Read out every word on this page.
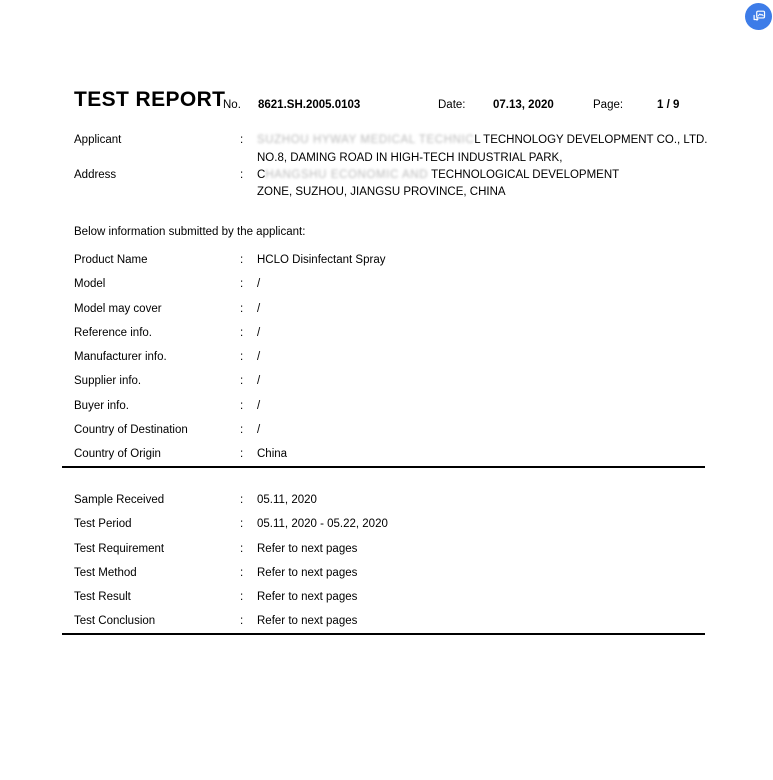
TEST REPORT
No. 8621.SH.2005.0103	Date: 07.13, 2020	Page:	1 / 9
Applicant	:	SUZHOU HYWAY MEDICAL TECHNICL TECHNOLOGY DEVELOPMENT CO., LTD.
NO.8, DAMING ROAD IN HIGH-TECH INDUSTRIAL PARK,
Address	:	CHANGSHU ECONOMIC AND TECHNOLOGICAL DEVELOPMENT
ZONE, SUZHOU, JIANGSU PROVINCE, CHINA
Below information submitted by the applicant:
Product Name	:	HCLO Disinfectant Spray
Model	:	/
Model may cover	:	/
Reference info.	:	/
Manufacturer info.	:	/
Supplier info.	:	/
Buyer info.	:	/
Country of Destination	:	/
Country of Origin	:	China
Sample Received	:	05.11, 2020
Test Period	:	05.11, 2020 - 05.22, 2020
Test Requirement	:	Refer to next pages
Test Method	:	Refer to next pages
Test Result	:	Refer to next pages
Test Conclusion	:	Refer to next pages
